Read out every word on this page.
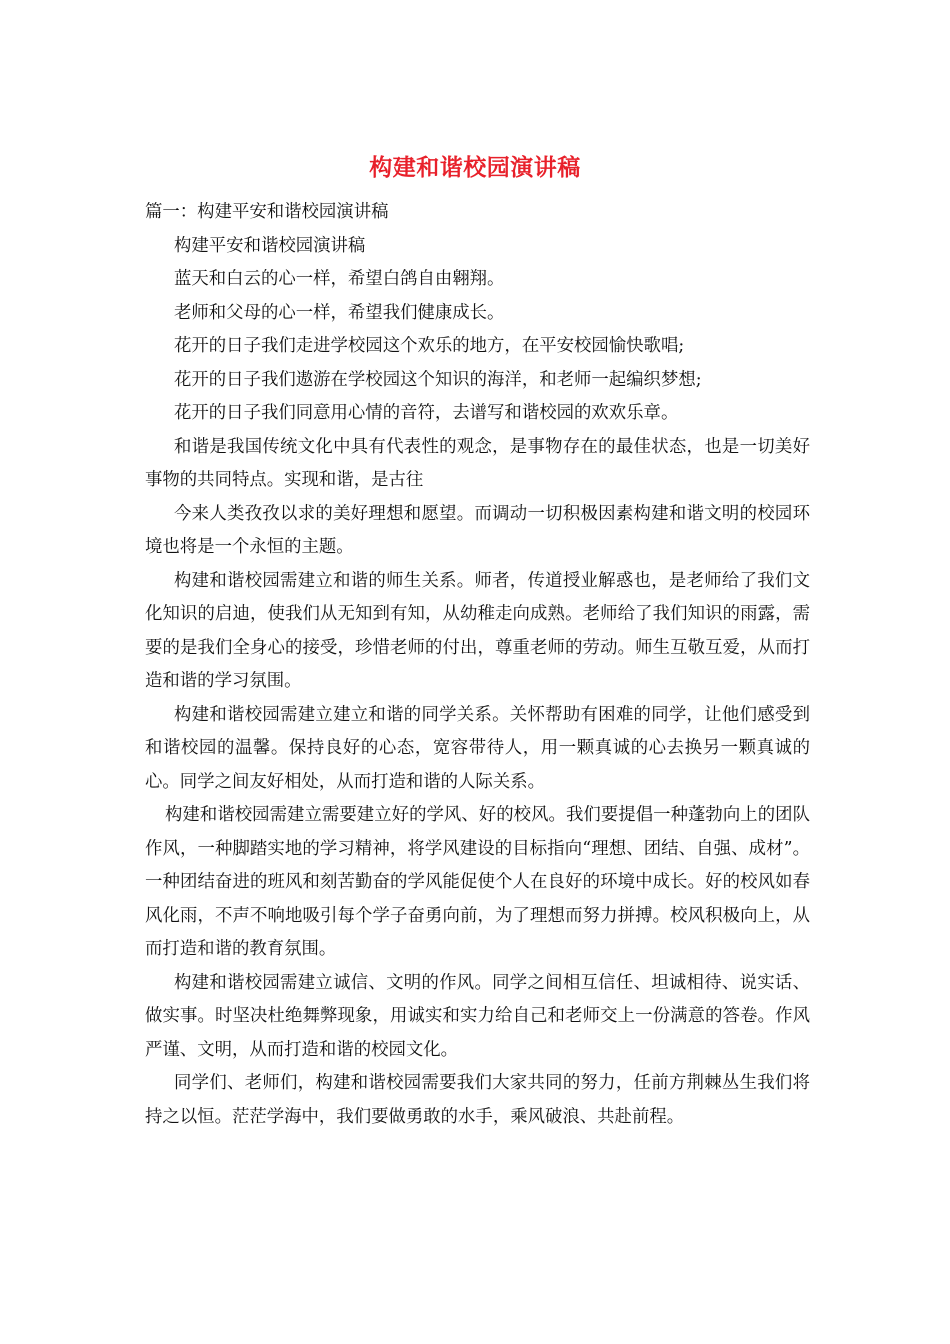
构建和谐校园演讲稿

篇一：构建平安和谐校园演讲稿

构建平安和谐校园演讲稿

蓝天和白云的心一样，希望白鸽自由翱翔。

老师和父母的心一样，希望我们健康成长。

花开的日子我们走进学校园这个欢乐的地方，在平安校园愉快歌唱;

花开的日子我们遨游在学校园这个知识的海洋，和老师一起编织梦想;

花开的日子我们同意用心情的音符，去谱写和谐校园的欢欢乐章。

和谐是我国传统文化中具有代表性的观念，是事物存在的最佳状态，也是一切美好事物的共同特点。实现和谐，是古往

今来人类孜孜以求的美好理想和愿望。而调动一切积极因素构建和谐文明的校园环境也将是一个永恒的主题。

构建和谐校园需建立和谐的师生关系。师者，传道授业解惑也，是老师给了我们文化知识的启迪，使我们从无知到有知，从幼稚走向成熟。老师给了我们知识的雨露，需要的是我们全身心的接受，珍惜老师的付出，尊重老师的劳动。师生互敬互爱，从而打造和谐的学习氛围。

构建和谐校园需建立建立和谐的同学关系。关怀帮助有困难的同学，让他们感受到和谐校园的温馨。保持良好的心态，宽容带待人，用一颗真诚的心去换另一颗真诚的心。同学之间友好相处，从而打造和谐的人际关系。

构建和谐校园需建立需要建立好的学风、好的校风。我们要提倡一种蓬勃向上的团队作风，一种脚踏实地的学习精神，将学风建设的目标指向“理想、团结、自强、成材”。一种团结奋进的班风和刻苦勤奋的学风能促使个人在良好的环境中成长。好的校风如春风化雨，不声不响地吸引每个学子奋勇向前，为了理想而努力拼搏。校风积极向上，从而打造和谐的教育氛围。

构建和谐校园需建立诚信、文明的作风。同学之间相互信任、坦诚相待、说实话、做实事。时坚决杜绝舞弊现象，用诚实和实力给自己和老师交上一份满意的答卷。作风严谨、文明，从而打造和谐的校园文化。

同学们、老师们，构建和谐校园需要我们大家共同的努力，任前方荆棘丛生我们将持之以恒。茫茫学海中，我们要做勇敢的水手，乘风破浪、共赴前程。
